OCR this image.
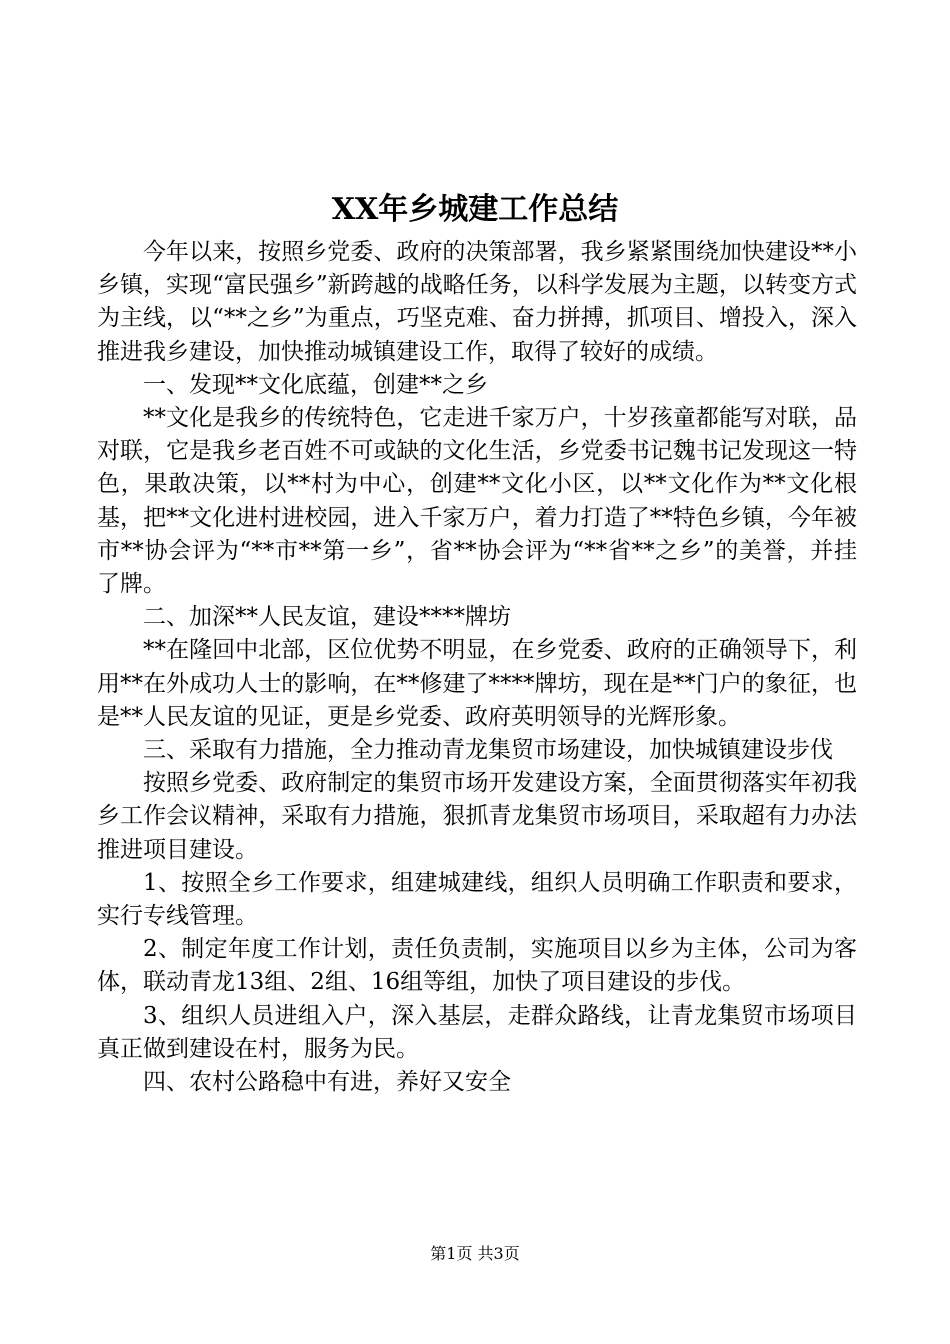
XX年乡城建工作总结

今年以来，按照乡党委、政府的决策部署，我乡紧紧围绕加快建设**小乡镇，实现“富民强乡”新跨越的战略任务，以科学发展为主题，以转变方式为主线，以“**之乡”为重点，巧坚克难、奋力拼搏，抓项目、增投入，深入推进我乡建设，加快推动城镇建设工作，取得了较好的成绩。

一、发现**文化底蕴，创建**之乡

**文化是我乡的传统特色，它走进千家万户，十岁孩童都能写对联，品对联，它是我乡老百姓不可或缺的文化生活，乡党委书记魏书记发现这一特色，果敢决策，以**村为中心，创建**文化小区，以**文化作为**文化根基，把**文化进村进校园，进入千家万户，着力打造了**特色乡镇，今年被市**协会评为“**市**第一乡”，省**协会评为“**省**之乡”的美誉，并挂了牌。

二、加深**人民友谊，建设****牌坊

**在隆回中北部，区位优势不明显，在乡党委、政府的正确领导下，利用**在外成功人士的影响，在**修建了****牌坊，现在是**门户的象征，也是**人民友谊的见证，更是乡党委、政府英明领导的光辉形象。

三、采取有力措施，全力推动青龙集贸市场建设，加快城镇建设步伐

按照乡党委、政府制定的集贸市场开发建设方案，全面贯彻落实年初我乡工作会议精神，采取有力措施，狠抓青龙集贸市场项目，采取超有力办法推进项目建设。

1、按照全乡工作要求，组建城建线，组织人员明确工作职责和要求，实行专线管理。

2、制定年度工作计划，责任负责制，实施项目以乡为主体，公司为客体，联动青龙13组、2组、16组等组，加快了项目建设的步伐。

3、组织人员进组入户，深入基层，走群众路线，让青龙集贸市场项目真正做到建设在村，服务为民。

四、农村公路稳中有进，养好又安全

第1页 共3页
